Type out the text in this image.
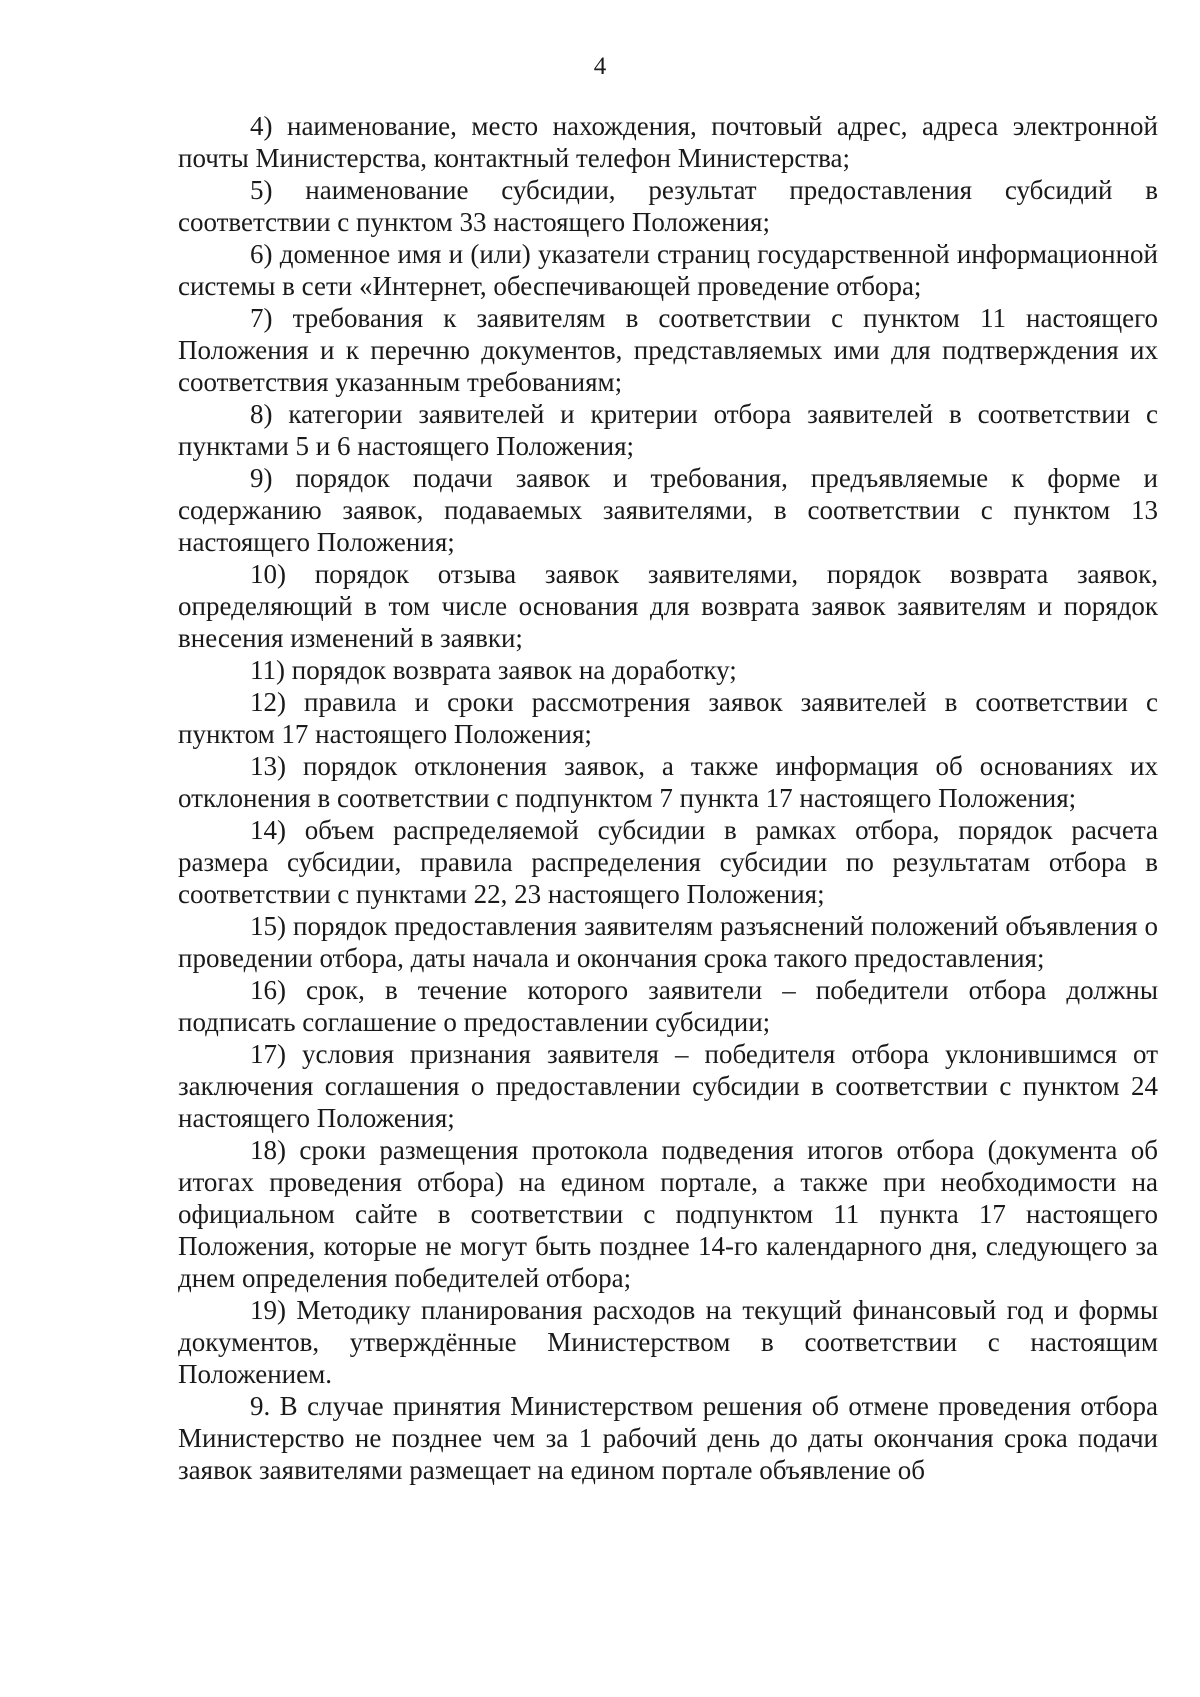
4

4) наименование, место нахождения, почтовый адрес, адреса электронной почты Министерства, контактный телефон Министерства;

5) наименование субсидии, результат предоставления субсидий в соответствии с пунктом 33 настоящего Положения;

6) доменное имя и (или) указатели страниц государственной информационной системы в сети «Интернет, обеспечивающей проведение отбора;

7) требования к заявителям в соответствии с пунктом 11 настоящего Положения и к перечню документов, представляемых ими для подтверждения их соответствия указанным требованиям;

8) категории заявителей и критерии отбора заявителей в соответствии с пунктами 5 и 6 настоящего Положения;

9) порядок подачи заявок и требования, предъявляемые к форме и содержанию заявок, подаваемых заявителями, в соответствии с пунктом 13 настоящего Положения;

10) порядок отзыва заявок заявителями, порядок возврата заявок, определяющий в том числе основания для возврата заявок заявителям и порядок внесения изменений в заявки;

11) порядок возврата заявок на доработку;

12) правила и сроки рассмотрения заявок заявителей в соответствии с пунктом 17 настоящего Положения;

13) порядок отклонения заявок, а также информация об основаниях их отклонения в соответствии с подпунктом 7 пункта 17 настоящего Положения;

14) объем распределяемой субсидии в рамках отбора, порядок расчета размера субсидии, правила распределения субсидии по результатам отбора в соответствии с пунктами 22, 23 настоящего Положения;

15) порядок предоставления заявителям разъяснений положений объявления о проведении отбора, даты начала и окончания срока такого предоставления;

16) срок, в течение которого заявители – победители отбора должны подписать соглашение о предоставлении субсидии;

17) условия признания заявителя – победителя отбора уклонившимся от заключения соглашения о предоставлении субсидии в соответствии с пунктом 24 настоящего Положения;

18) сроки размещения протокола подведения итогов отбора (документа об итогах проведения отбора) на едином портале, а также при необходимости на официальном сайте в соответствии с подпунктом 11 пункта 17 настоящего Положения, которые не могут быть позднее 14-го календарного дня, следующего за днем определения победителей отбора;

19) Методику планирования расходов на текущий финансовый год и формы документов, утверждённые Министерством в соответствии с настоящим Положением.

9. В случае принятия Министерством решения об отмене проведения отбора Министерство не позднее чем за 1 рабочий день до даты окончания срока подачи заявок заявителями размещает на едином портале объявление об
